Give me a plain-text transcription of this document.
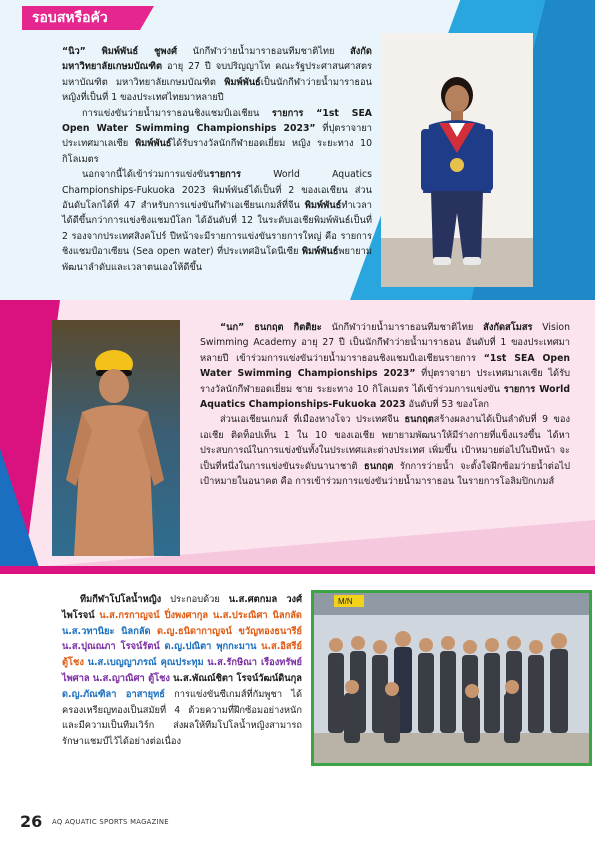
รอบสหรือคัว
“นิว” พิมพ์พันธ์ ชูพงศ์ นักกีฬาว่ายน้ำมาราธอนทีมชาติไทย สังกัดมหาวิทยาลัยเกษมบัณฑิต อายุ 27 ปี จบปริญญาโท คณะรัฐประศาสนศาสตร มหาบัณฑิต มหาวิทยาลัยเกษมบัณฑิต พิมพ์พันธ์เป็นนักกีฬาว่ายน้ำมาราธอน หญิงที่เป็นที่ 1 ของประเทศไทยมาหลายปี
การแข่งขันว่ายน้ำมาราธอนชิงแชมป์เอเชียน รายการ “1st SEA Open Water Swimming Championships 2023” ที่ปุตราจายา ประเทศมาเลเซีย พิมพ์พันธ์ได้รับรางวัลนักกีฬายอดเยี่ยม หญิง ระยะทาง 10 กิโลเมตร
นอกจากนี้ได้เข้าร่วมการแข่งขันรายการ World Aquatics Championships-Fukuoka 2023 พิมพ์พันธ์ได้เป็นที่ 2 ของเอเชียน ส่วนอันดับโลกได้ที่ 47 สำหรับการแข่งขันกีฬาเอเชียนเกมส์ที่จีน พิมพ์พันธ์ทำเวลาได้ดีขึ้นกว่าการแข่งชิงแชมป์โลก ได้อันดับที่ 12 ในระดับเอเชียพิมพ์พันธ์เป็นที่ 2 รองจากประเทศสิงคโปร์ ปีหน้าจะมีรายการแข่งขันรายการใหญ่ คือ รายการชิงแชมป์อาเซียน (Sea open water) ที่ประเทศอินโดนีเซีย พิมพ์พันธ์พยายามพัฒนาลำดับและเวลาตนเองให้ดีขึ้น
“นก” ธนกฤต กิตติยะ นักกีฬาว่ายน้ำมาราธอนทีมชาติไทย สังกัดสโมสร Vision Swimming Academy อายุ 27 ปี เป็นนักกีฬาว่ายน้ำมาราธอน อันดับที่ 1 ของประเทศมาหลายปี เข้าร่วมการแข่งขันว่ายน้ำมาราธอนชิงแชมป์เอเชียนรายการ “1st SEA Open Water Swimming Championships 2023” ที่ปุตราจายา ประเทศมาเลเซีย ได้รับรางวัลนักกีฬายอดเยี่ยม ชาย ระยะทาง 10 กิโลเมตร ได้เข้าร่วมการแข่งขัน รายการ World Aquatics Championships-Fukuoka 2023 อันดับที่ 53 ของโลก
ส่วนเอเชียนเกมส์ ที่เมืองหางโจว ประเทศจีน ธนกฤตสร้างผลงานได้เป็นลำดับที่ 9 ของเอเชีย ติดท็อปเท็น 1 ใน 10 ของเอเชีย พยายามพัฒนาให้มีร่างกายที่แข็งแรงขึ้น ได้หาประสบการณ์ในการแข่งขันทั้งในประเทศและต่างประเทศ เพิ่มขึ้น เป้าหมายต่อไปในปีหน้า จะเป็นที่หนึ่งในการแข่งขันระดับนานาชาติ ธนกฤต รักการว่ายน้ำ จะตั้งใจฝึกซ้อมว่ายน้ำต่อไป เป้าหมายในอนาคต คือ การเข้าร่วมการแข่งขันว่ายน้ำมาราธอน ในรายการโอลิมปิกเกมส์
ทีมกีฬาโปโลน้ำหญิง ประกอบด้วย น.ส.ศตกมล วงศ์ไพโรจน์ น.ส.กรกาญจน์ ปิ่งพงศากุล น.ส.ประณิศา นิลกลัด น.ส.วทานิยะ นิลกลัด ด.ญ.ธนิดากาญจน์ ขวัญทองธนารีย์ น.ส.ปุณณภา โรจน์รัตน์ ด.ญ.ปณิตา พุกกะมาน น.ส.อิสรีย์ ตู้โชง น.ส.เบญญาภรณ์ คุณประทุม น.ส.รักษิณา เรืองทรัพย์ไพศาล น.ส.ญาณิศา ตู้โชง น.ส.พัณณ์ชิตา โรจน์วัฒน์ดินกุล ด.ญ.ภัณฑิลา อาสายุทธ์ การแข่งขันซีเกมส์ที่กัมพูชา ได้ครองเหรียญทองเป็นสมัยที่ 4 ด้วยความที่ฝึกซ้อมอย่างหนัก และมีความเป็นทีมเวิร์ก ส่งผลให้ทีมโปโลน้ำหญิงสามารถรักษาแชมป์ไว้ได้อย่างต่อเนื่อง
M/N
26 AQ AQUATIC SPORTS MAGAZINE
